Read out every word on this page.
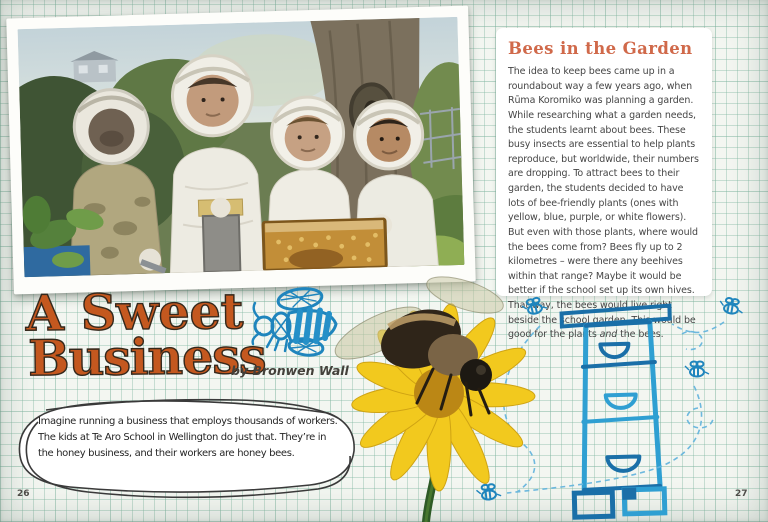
Bees in the Garden

The idea to keep bees came up in a roundabout way a few years ago, when Rūma Koromiko was planning a garden. While researching what a garden needs, the students learnt about bees. These busy insects are essential to help plants reproduce, but worldwide, their numbers are dropping. To attract bees to their garden, the students decided to have lots of bee-friendly plants (ones with yellow, blue, purple, or white flowers). But even with those plants, where would the bees come from? Bees fly up to 2 kilometres – were there any beehives within that range? Maybe it would be better if the school set up its own hives. That way, the bees would live right beside the school garden. This would be good for the plants and the bees.

A Sweet
Business
by Bronwen Wall
Imagine running a business that employs thousands of workers.
The kids at Te Aro School in Wellington do just that. They’re in
the honey business, and their workers are honey bees.
26	27
